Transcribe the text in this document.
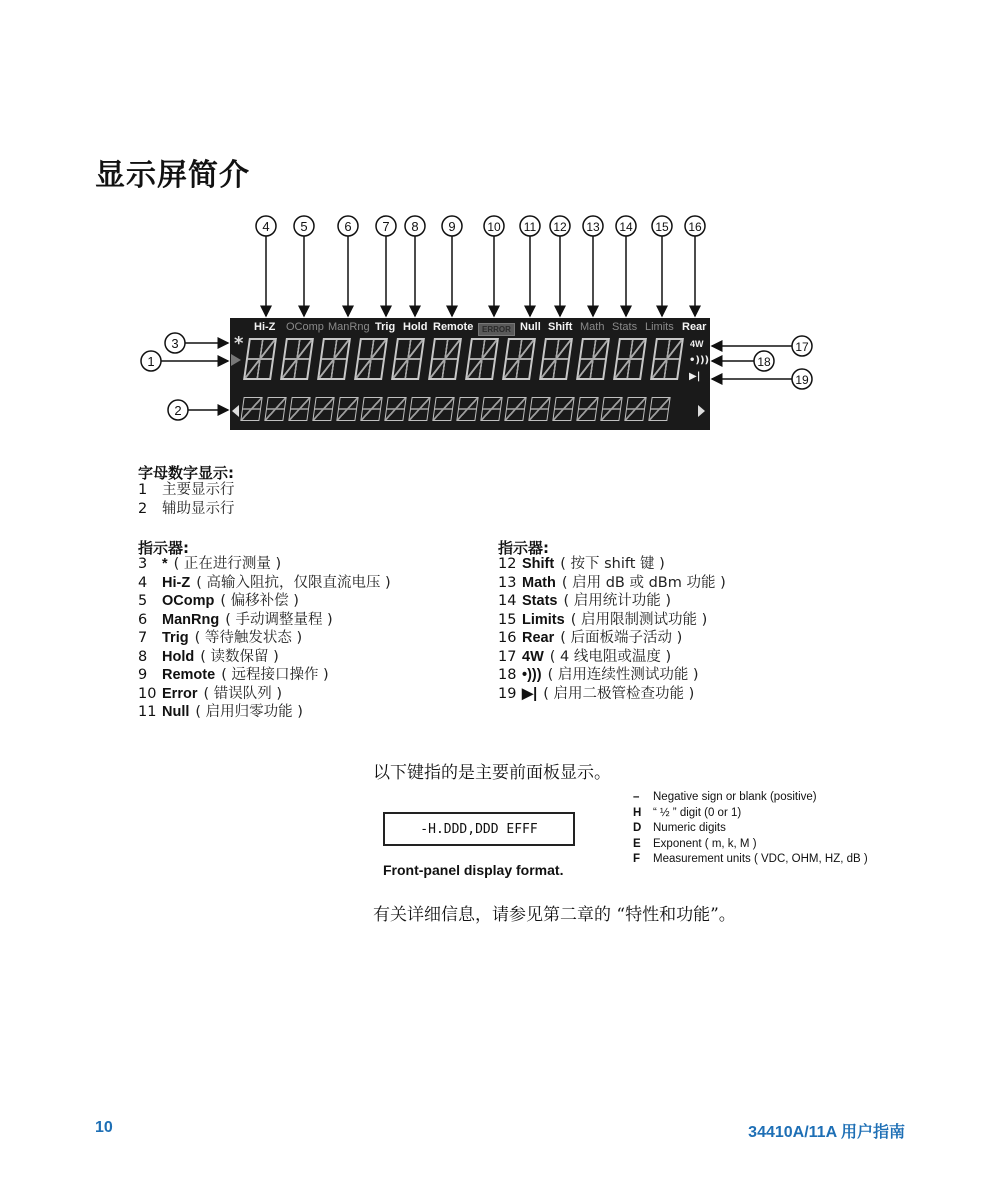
显示屏简介
Hi-Z OComp ManRng Trig Hold Remote	ERROR Null Shift Math Stats Limits Rear
*	4W
•)))
▶|
4 5	6 7 8 9	10 11 12 13 14 15 16
3
1
2
17
18
19
字母数字显示:
1	主要显示行
2	辅助显示行
指示器:
3	* ( 正在进行测量 )
4	Hi-Z ( 高输入阻抗，仅限直流电压 )
5	OComp ( 偏移补偿 )
6	ManRng ( 手动调整量程 )
7	Trig ( 等待触发状态 )
8	Hold ( 读数保留 )
9	Remote ( 远程接口操作 )
10 Error ( 错误队列 )
11 Null ( 启用归零功能 )
指示器:
12 Shift ( 按下 shift 键 )
13 Math ( 启用 dB 或 dBm 功能 )
14 Stats ( 启用统计功能 )
15 Limits ( 启用限制测试功能 )
16 Rear ( 后面板端子活动 )
17 4W ( 4 线电阻或温度 )
18 •))) ( 启用连续性测试功能 )
19 ▶| ( 启用二极管检查功能 )
以下键指的是主要前面板显示。
-H.DDD,DDD EFFF
Front-panel display format.
–	Negative sign or blank (positive)
H	“ ½ ” digit (0 or 1)
D	Numeric digits
E	Exponent ( m, k, M )
F	Measurement units ( VDC, OHM, HZ, dB )
有关详细信息，请参见第二章的 “特性和功能”。
10	34410A/11A 用户指南
